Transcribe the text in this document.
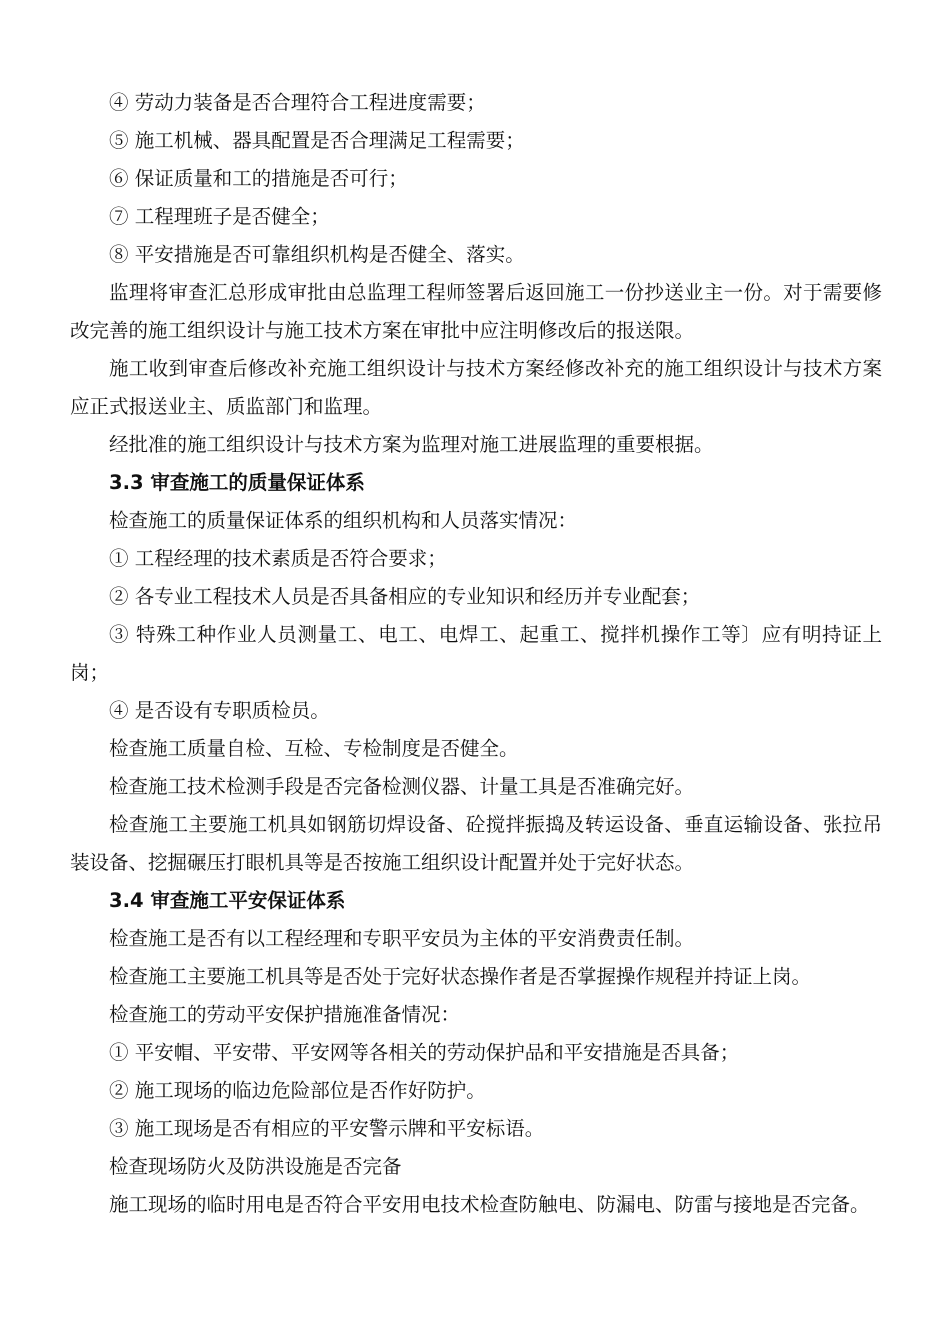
④ 劳动力装备是否合理符合工程进度需要；

⑤ 施工机械、器具配置是否合理满足工程需要；

⑥ 保证质量和工的措施是否可行；

⑦ 工程理班子是否健全；

⑧ 平安措施是否可靠组织机构是否健全、落实。

监理将审查汇总形成审批由总监理工程师签署后返回施工一份抄送业主一份。对于需要修改完善的施工组织设计与施工技术方案在审批中应注明修改后的报送限。

施工收到审查后修改补充施工组织设计与技术方案经修改补充的施工组织设计与技术方案应正式报送业主、质监部门和监理。

经批准的施工组织设计与技术方案为监理对施工进展监理的重要根据。

3.3 审查施工的质量保证体系

检查施工的质量保证体系的组织机构和人员落实情况：

① 工程经理的技术素质是否符合要求；

② 各专业工程技术人员是否具备相应的专业知识和经历并专业配套；

③ 特殊工种作业人员测量工、电工、电焊工、起重工、搅拌机操作工等〕应有明持证上岗；

④ 是否设有专职质检员。

检查施工质量自检、互检、专检制度是否健全。

检查施工技术检测手段是否完备检测仪器、计量工具是否准确完好。

检查施工主要施工机具如钢筋切焊设备、砼搅拌振捣及转运设备、垂直运输设备、张拉吊装设备、挖掘碾压打眼机具等是否按施工组织设计配置并处于完好状态。

3.4 审查施工平安保证体系

检查施工是否有以工程经理和专职平安员为主体的平安消费责任制。

检查施工主要施工机具等是否处于完好状态操作者是否掌握操作规程并持证上岗。

检查施工的劳动平安保护措施准备情况：

① 平安帽、平安带、平安网等各相关的劳动保护品和平安措施是否具备；

② 施工现场的临边危险部位是否作好防护。

③ 施工现场是否有相应的平安警示牌和平安标语。

检查现场防火及防洪设施是否完备

施工现场的临时用电是否符合平安用电技术检查防触电、防漏电、防雷与接地是否完备。
